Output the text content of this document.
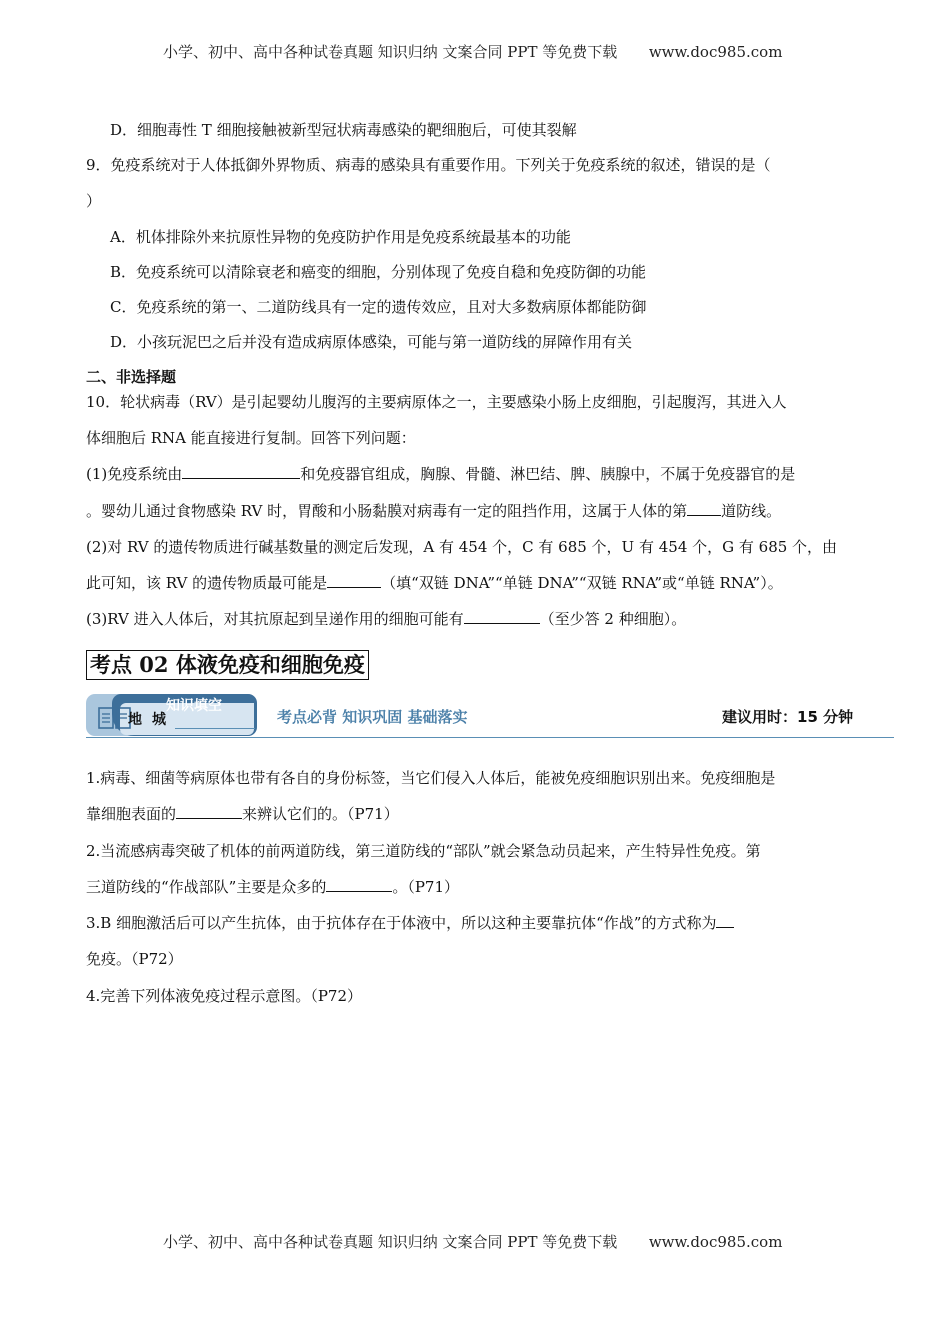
小学、初中、高中各种试卷真题 知识归纳 文案合同 PPT 等免费下载 www.doc985.com
D．细胞毒性 T 细胞接触被新型冠状病毒感染的靶细胞后，可使其裂解
9．免疫系统对于人体抵御外界物质、病毒的感染具有重要作用。下列关于免疫系统的叙述，错误的是（
）
A．机体排除外来抗原性异物的免疫防护作用是免疫系统最基本的功能
B．免疫系统可以清除衰老和癌变的细胞，分别体现了免疫自稳和免疫防御的功能
C．免疫系统的第一、二道防线具有一定的遗传效应，且对大多数病原体都能防御
D．小孩玩泥巴之后并没有造成病原体感染，可能与第一道防线的屏障作用有关
二、非选择题
10．轮状病毒（RV）是引起婴幼儿腹泻的主要病原体之一，主要感染小肠上皮细胞，引起腹泻，其进入人
体细胞后 RNA 能直接进行复制。回答下列问题：
(1)免疫系统由	和免疫器官组成，胸腺、骨髓、淋巴结、脾、胰腺中，不属于免疫器官的是
。婴幼儿通过食物感染 RV 时，胃酸和小肠黏膜对病毒有一定的阻挡作用，这属于人体的第 道防线。
(2)对 RV 的遗传物质进行碱基数量的测定后发现，A 有 454 个，C 有 685 个，U 有 454 个，G 有 685 个，由
此可知，该 RV 的遗传物质最可能是	（填“双链 DNA”“单链 DNA”“双链 RNA”或“单链 RNA”）。
(3)RV 进入人体后，对其抗原起到呈递作用的细胞可能有	（至少答 2 种细胞）。
考点 02 体液免疫和细胞免疫
知识填空
地城	考点必背 知识巩固 基础落实	建议用时：15 分钟
1.病毒、细菌等病原体也带有各自的身份标签，当它们侵入人体后，能被免疫细胞识别出来。免疫细胞是
靠细胞表面的	来辨认它们的。（P71）
2.当流感病毒突破了机体的前两道防线，第三道防线的“部队”就会紧急动员起来，产生特异性免疫。第
三道防线的“作战部队”主要是众多的	。（P71）
3.B 细胞激活后可以产生抗体，由于抗体存在于体液中，所以这种主要靠抗体“作战”的方式称为
免疫。（P72）
4.完善下列体液免疫过程示意图。（P72）
小学、初中、高中各种试卷真题 知识归纳 文案合同 PPT 等免费下载 www.doc985.com
